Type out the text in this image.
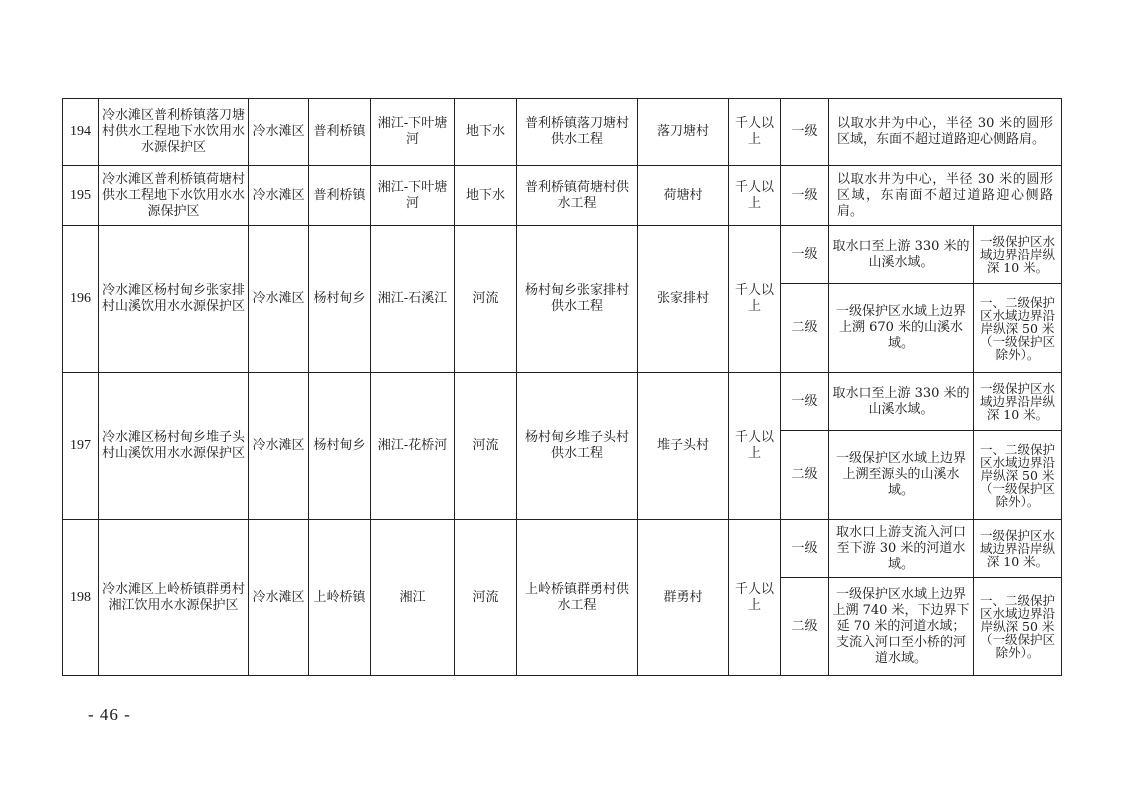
194	冷水滩区普利桥镇落刀塘村供水工程地下水饮用水水源保护区	冷水滩区	普利桥镇	湘江-下叶塘河	地下水	普利桥镇落刀塘村供水工程	落刀塘村	千人以上	一级	以取水井为中心，半径 30 米的圆形区域，东面不超过道路迎心侧路肩。	
195	冷水滩区普利桥镇荷塘村供水工程地下水饮用水水源保护区	冷水滩区	普利桥镇	湘江-下叶塘河	地下水	普利桥镇荷塘村供水工程	荷塘村	千人以上	一级	以取水井为中心，半径 30 米的圆形区域，东南面不超过道路迎心侧路肩。	
196	冷水滩区杨村甸乡张家排村山溪饮用水水源保护区	冷水滩区	杨村甸乡	湘江-石溪江	河流	杨村甸乡张家排村供水工程	张家排村	千人以上	一级	取水口至上游 330 米的山溪水域。	一级保护区水域边界沿岸纵深 10 米。
									二级	一级保护区水域上边界上溯 670 米的山溪水域。	一、二级保护区水域边界沿岸纵深 50 米（一级保护区除外）。
197	冷水滩区杨村甸乡堆子头村山溪饮用水水源保护区	冷水滩区	杨村甸乡	湘江-花桥河	河流	杨村甸乡堆子头村供水工程	堆子头村	千人以上	一级	取水口至上游 330 米的山溪水域。	一级保护区水域边界沿岸纵深 10 米。
									二级	一级保护区水域上边界上溯至源头的山溪水域。	一、二级保护区水域边界沿岸纵深 50 米（一级保护区除外）。
198	冷水滩区上岭桥镇群勇村湘江饮用水水源保护区	冷水滩区	上岭桥镇	湘江	河流	上岭桥镇群勇村供水工程	群勇村	千人以上	一级	取水口上游支流入河口至下游 30 米的河道水域。	一级保护区水域边界沿岸纵深 10 米。
									二级	一级保护区水域上边界上溯 740 米，下边界下延 70 米的河道水域；支流入河口至小桥的河道水域。	一、二级保护区水域边界沿岸纵深 50 米（一级保护区除外）。
- 46 -
